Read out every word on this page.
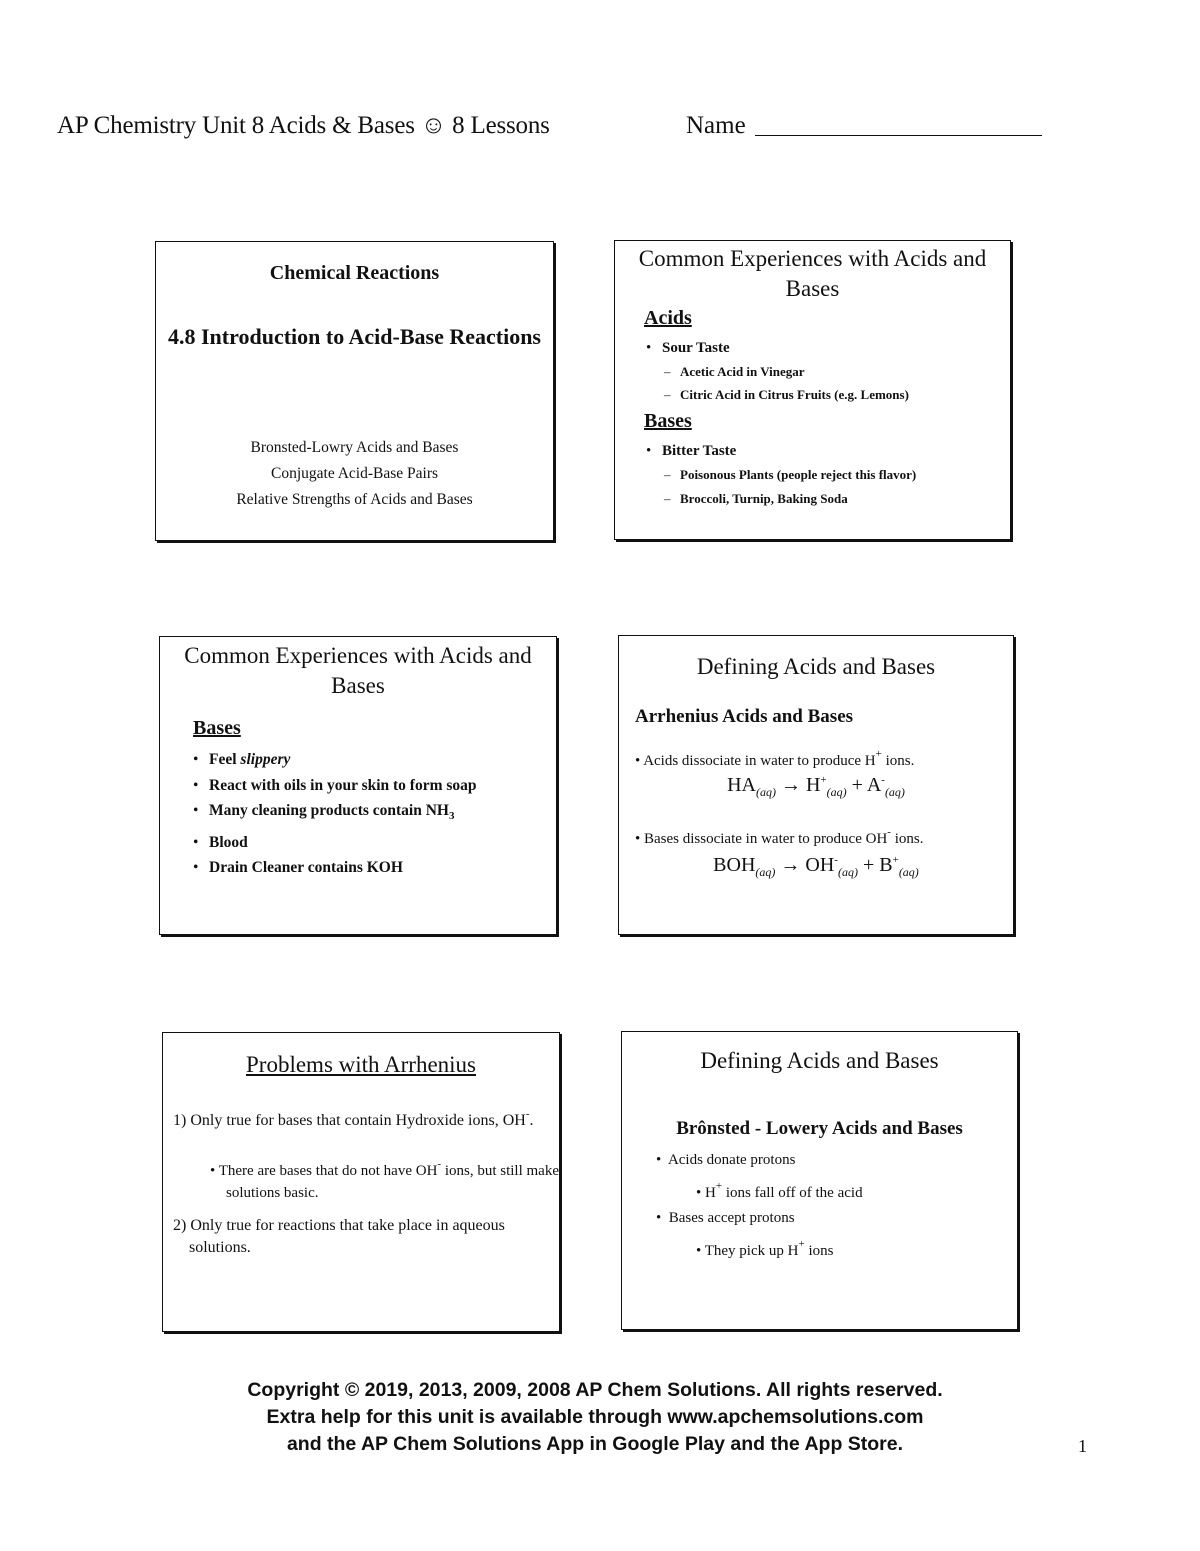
AP Chemistry Unit 8 Acids & Bases ☺ 8 Lessons	Name
Chemical Reactions
4.8 Introduction to Acid-Base Reactions
Bronsted-Lowry Acids and Bases
Conjugate Acid-Base Pairs
Relative Strengths of Acids and Bases
Common Experiences with Acids and Bases
Acids
• Sour Taste
– Acetic Acid in Vinegar
– Citric Acid in Citrus Fruits (e.g. Lemons)
Bases
• Bitter Taste
– Poisonous Plants (people reject this flavor)
– Broccoli, Turnip, Baking Soda
Common Experiences with Acids and Bases
Bases
• Feel slippery
• React with oils in your skin to form soap
• Many cleaning products contain $NH_3$
• Blood
• Drain Cleaner contains KOH
Defining Acids and Bases
Arrhenius Acids and Bases
• Acids dissociate in water to produce H+ ions.
$HA_{(aq)} \to H^+_{(aq)} + A^-_{(aq)}$
• Bases dissociate in water to produce OH- ions.
$BOH_{(aq)} \to OH^-_{(aq)} + B^+_{(aq)}$
Problems with Arrhenius
1) Only true for bases that contain Hydroxide ions, OH-.
• There are bases that do not have OH- ions, but still make solutions basic.
2) Only true for reactions that take place in aqueous solutions.
Defining Acids and Bases
Brônsted - Lowery Acids and Bases
•  Acids donate protons
• H+ ions fall off of the acid
•  Bases accept protons
• They pick up H+ ions
Copyright © 2019, 2013, 2009, 2008 AP Chem Solutions. All rights reserved.
Extra help for this unit is available through www.apchemsolutions.com
and the AP Chem Solutions App in Google Play and the App Store.	1
